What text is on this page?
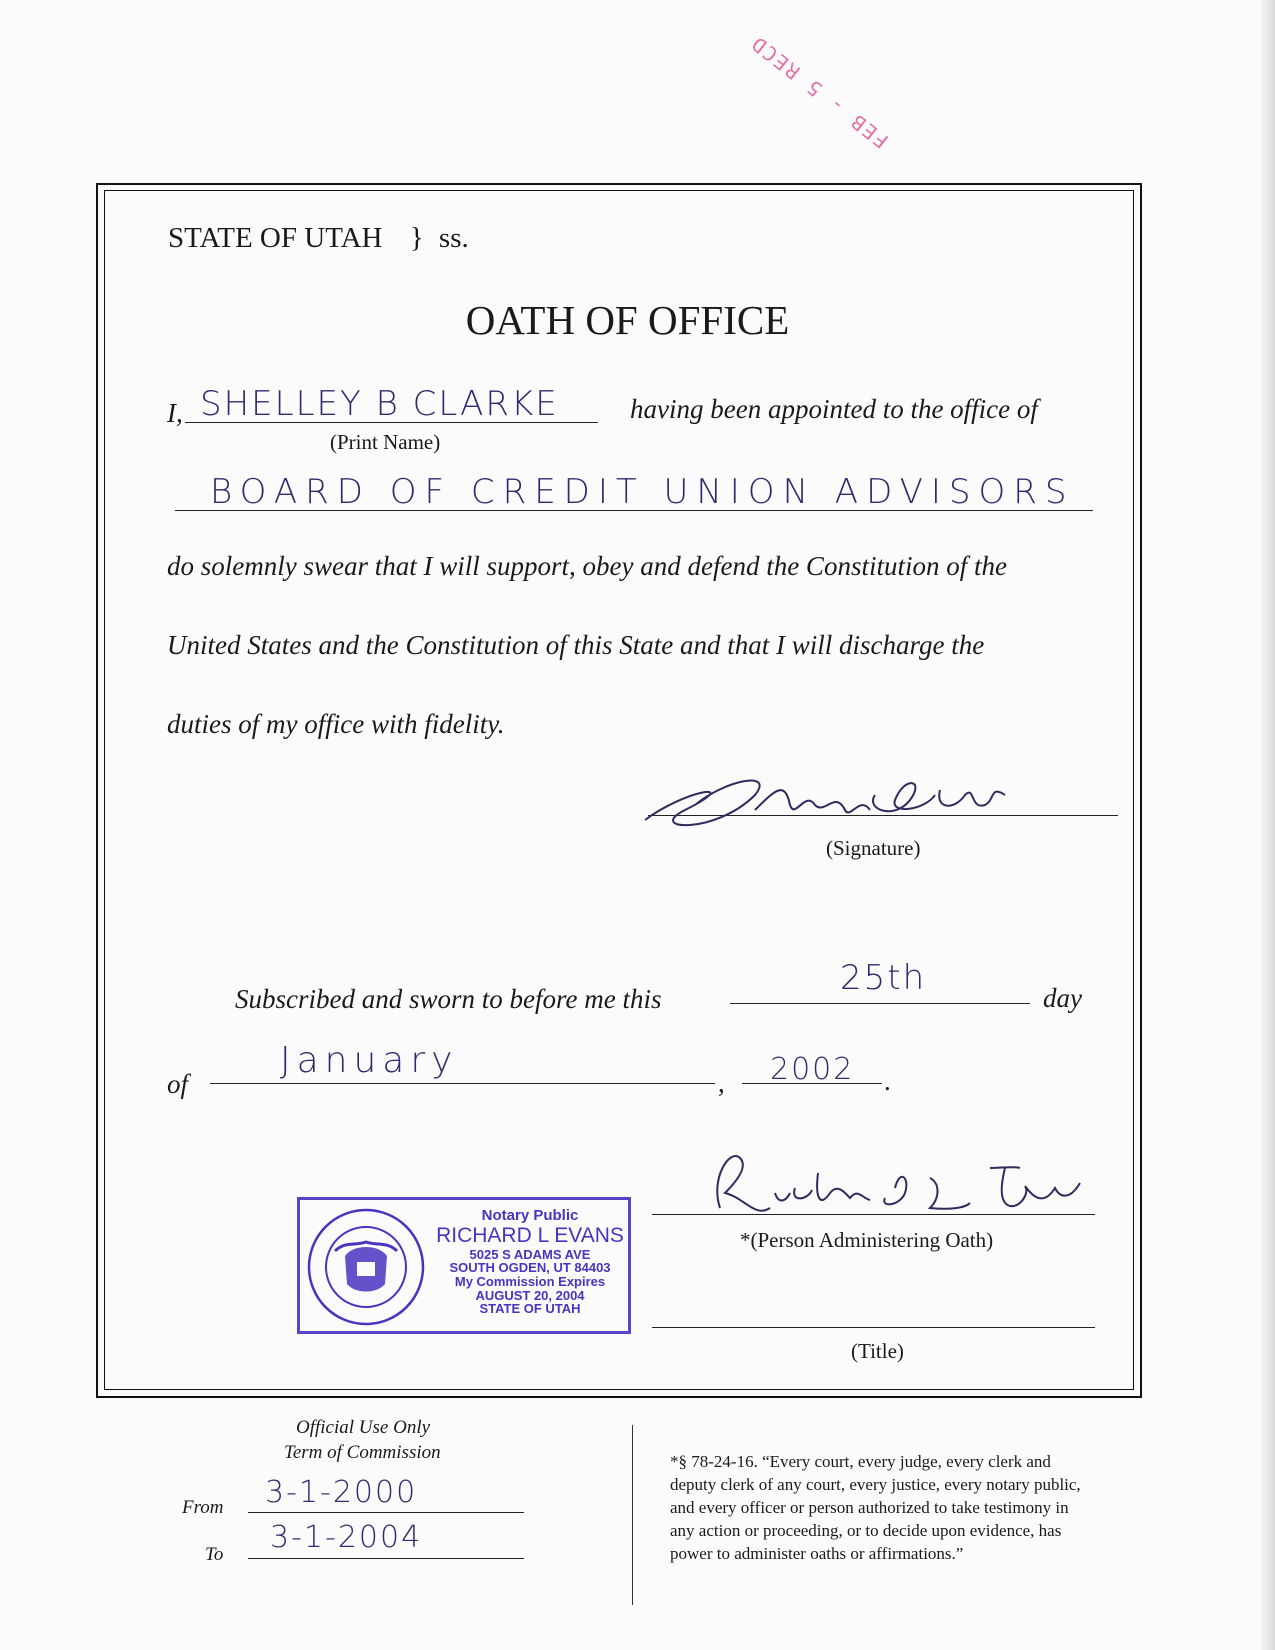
FEB - 5 RECD
STATE OF UTAH } ss.
OATH OF OFFICE
I, SHELLEY B CLARKE
(Print Name)
having been appointed to the office of
BOARD OF CREDIT UNION ADVISORS
do solemnly swear that I will support, obey and defend the Constitution of the
United States and the Constitution of this State and that I will discharge the
duties of my office with fidelity.
(Signature)
Subscribed and sworn to before me this
25th	day
of
January
, 2002 .
Notary Public
RICHARD L EVANS
5025 S ADAMS AVE
SOUTH OGDEN, UT 84403
My Commission Expires
AUGUST 20, 2004
STATE OF UTAH
*(Person Administering Oath)
(Title)
Official Use Only
Term of Commission
From 3-1-2000
To 3-1-2004
*§ 78-24-16. “Every court, every judge, every clerk and
deputy clerk of any court, every justice, every notary public,
and every officer or person authorized to take testimony in
any action or proceeding, or to decide upon evidence, has
power to administer oaths or affirmations.”
